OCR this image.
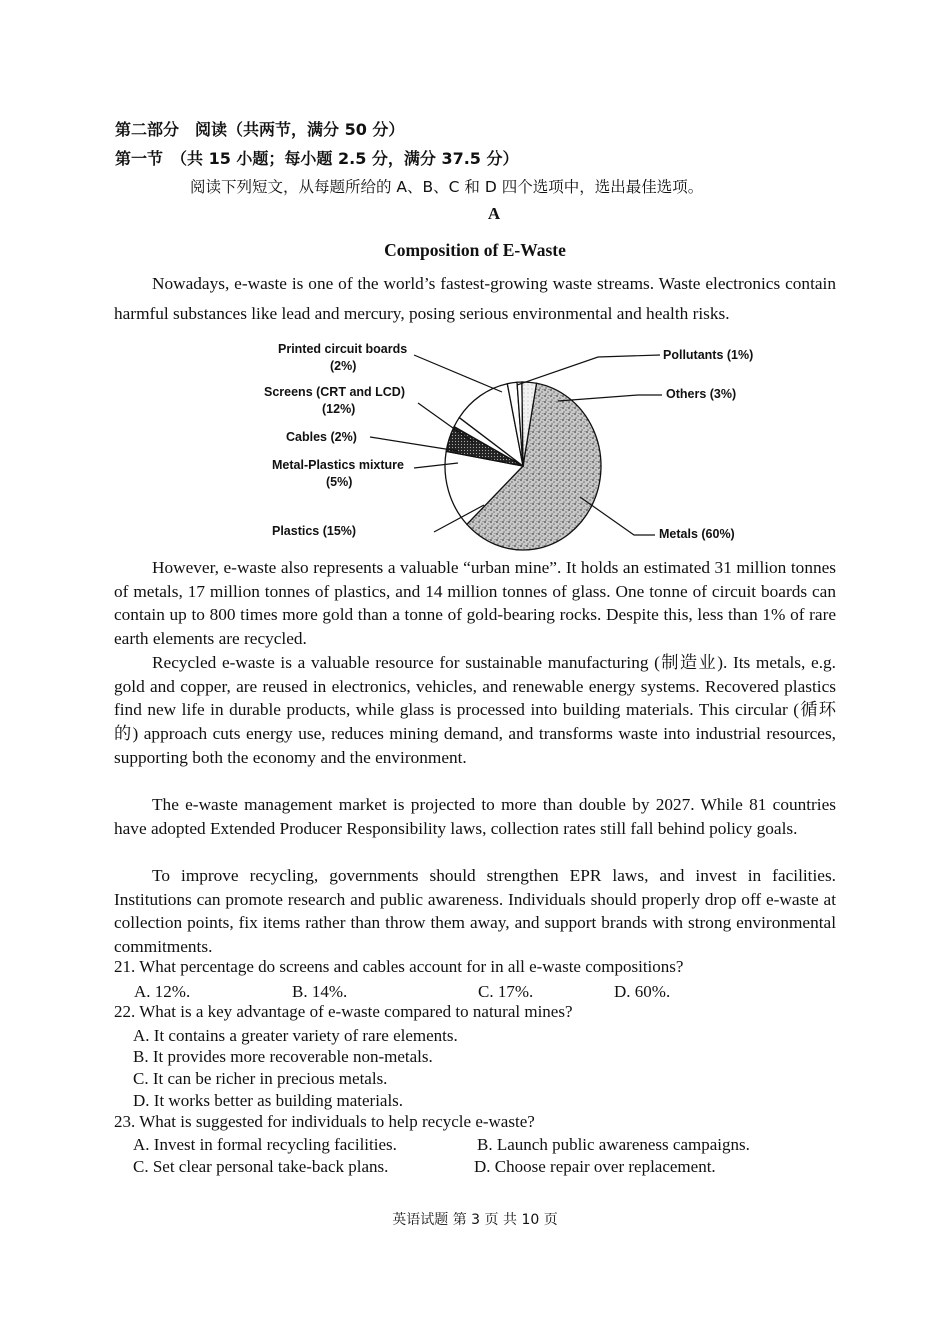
第二部分　阅读（共两节，满分 50 分）
第一节　（共 15 小题；每小题 2.5 分，满分 37.5 分）
阅读下列短文，从每题所给的 A、B、C 和 D 四个选项中，选出最佳选项。
A
Composition of E-Waste

Nowadays, e-waste is one of the world’s fastest-growing waste streams. Waste electronics contain harmful substances like lead and mercury, posing serious environmental and health risks.

Printed circuit boards
(2%)
Screens (CRT and LCD)
(12%)
Cables (2%)
Metal-Plastics mixture
(5%)
Plastics (15%)
Pollutants (1%)
Others (3%)
Metals (60%)

However, e-waste also represents a valuable “urban mine”. It holds an estimated 31 million tonnes of metals, 17 million tonnes of plastics, and 14 million tonnes of glass. One tonne of circuit boards can contain up to 800 times more gold than a tonne of gold-bearing rocks. Despite this, less than 1% of rare earth elements are recycled.

Recycled e-waste is a valuable resource for sustainable manufacturing (制造业). Its metals, e.g. gold and copper, are reused in electronics, vehicles, and renewable energy systems. Recovered plastics find new life in durable products, while glass is processed into building materials. This circular (循环的) approach cuts energy use, reduces mining demand, and transforms waste into industrial resources, supporting both the economy and the environment.

The e-waste management market is projected to more than double by 2027. While 81 countries have adopted Extended Producer Responsibility laws, collection rates still fall behind policy goals.

To improve recycling, governments should strengthen EPR laws, and invest in facilities. Institutions can promote research and public awareness. Individuals should properly drop off e-waste at collection points, fix items rather than throw them away, and support brands with strong environmental commitments.

21. What percentage do screens and cables account for in all e-waste compositions?
A. 12%.	B. 14%.	C. 17%.	D. 60%.
22. What is a key advantage of e-waste compared to natural mines?
A. It contains a greater variety of rare elements.
B. It provides more recoverable non-metals.
C. It can be richer in precious metals.
D. It works better as building materials.
23. What is suggested for individuals to help recycle e-waste?
A. Invest in formal recycling facilities.	B. Launch public awareness campaigns.
C. Set clear personal take-back plans.	D. Choose repair over replacement.
英语试题 第 3 页 共 10 页
